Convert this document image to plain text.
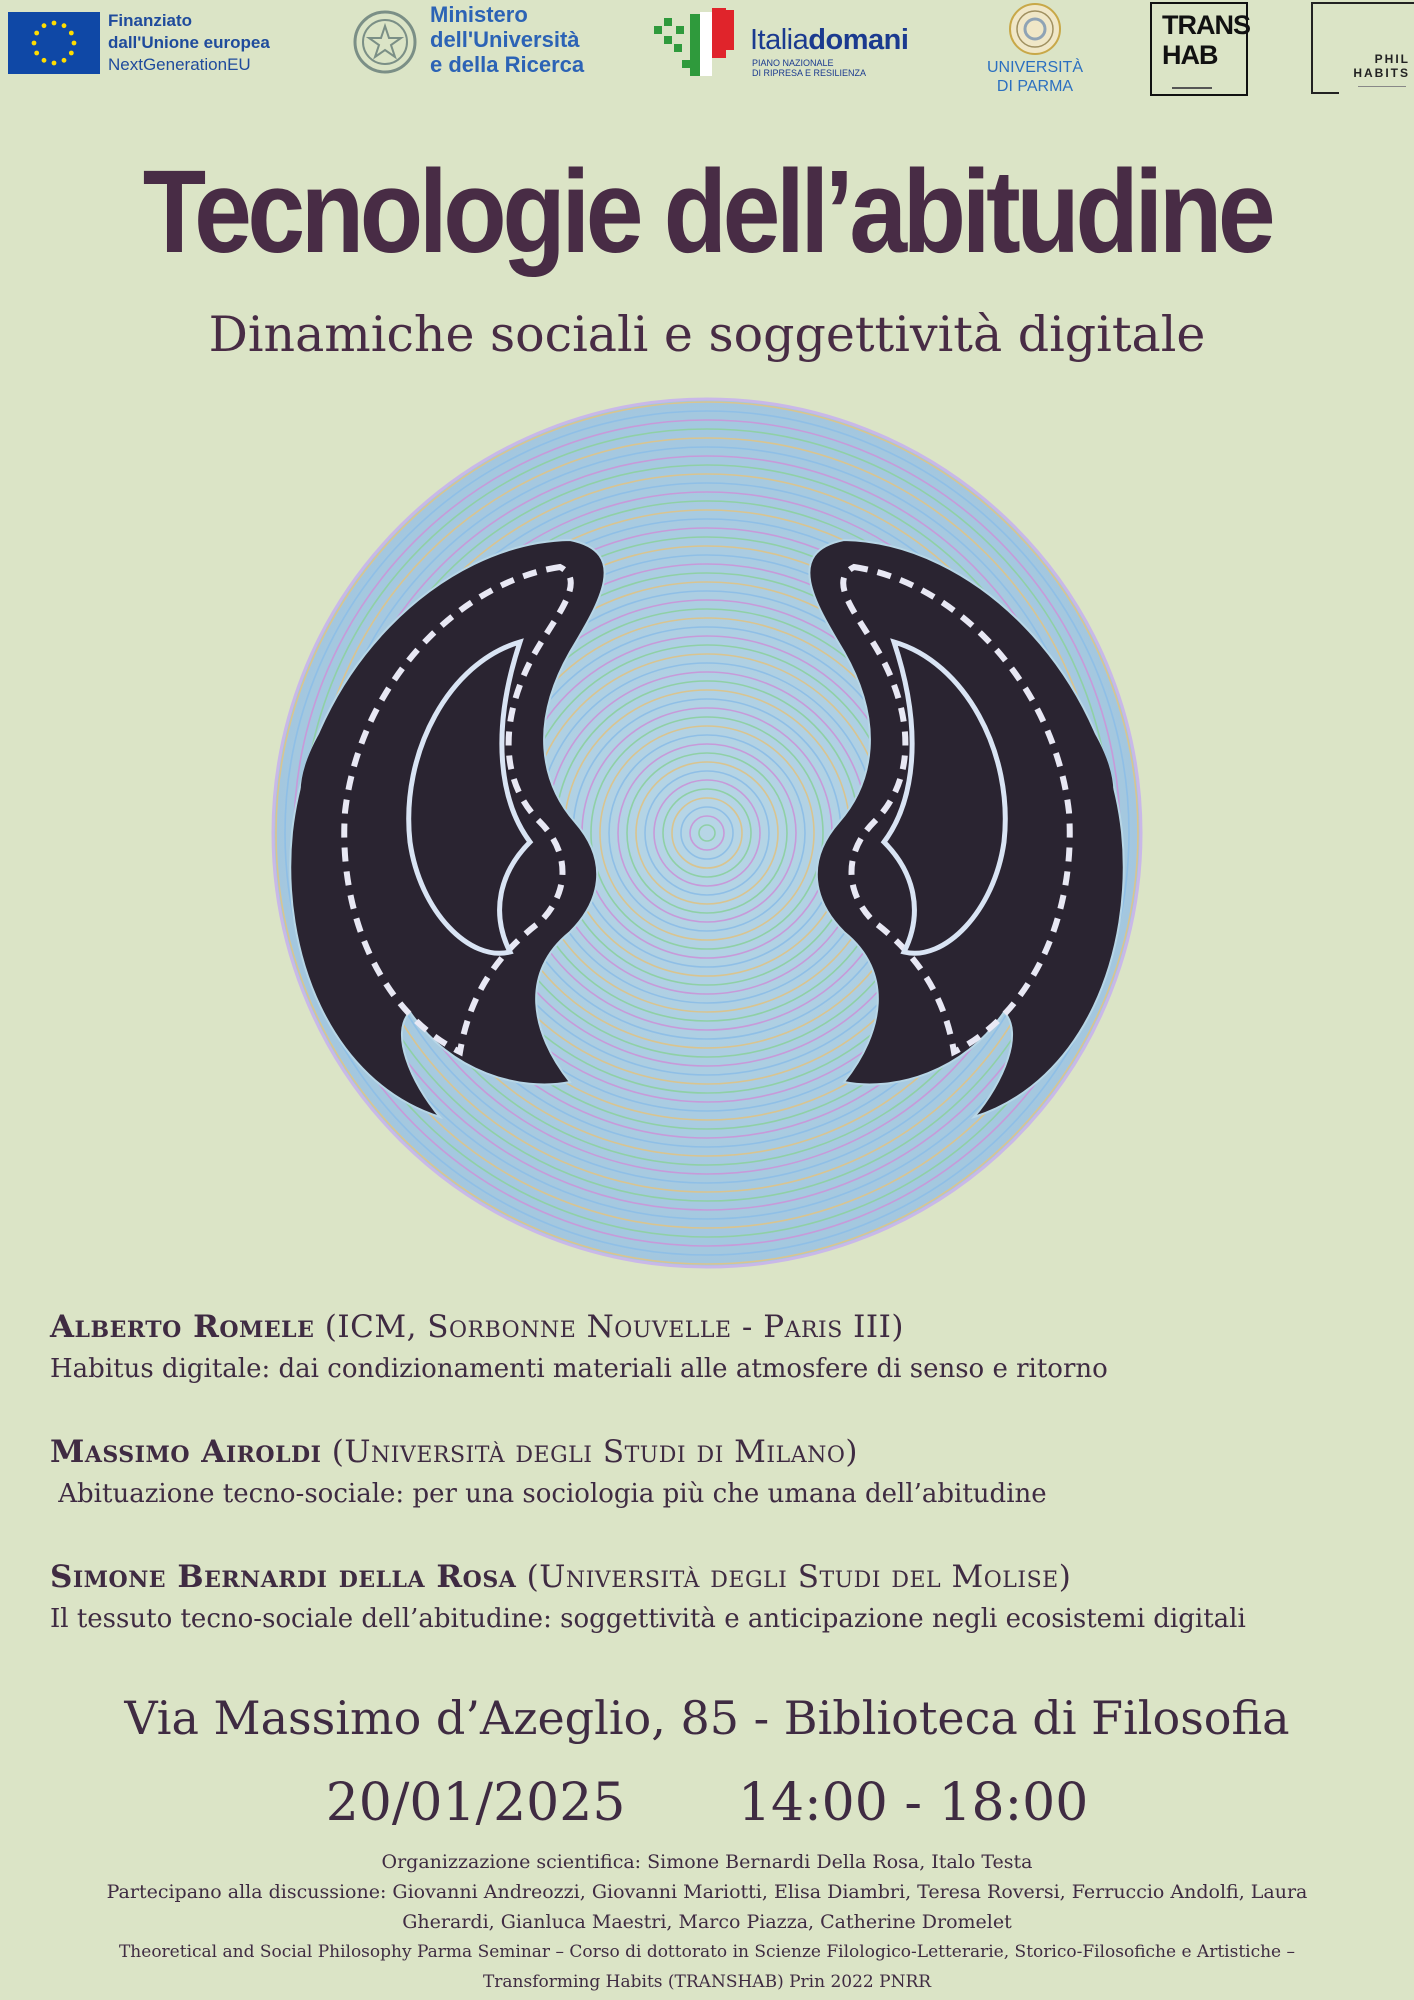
Finanziato
dall'Unione europea
NextGenerationEU
Ministero
dell'Università
e della Ricerca
Italiadomani
PIANO NAZIONALE
DI RIPRESA E RESILIENZA	UNIVERSITÀ
DI PARMA
TRANS
HAB	PHIL
HABITS
Tecnologie dell’abitudine
Dinamiche sociali e soggettività digitale
Alberto Romele (ICM, Sorbonne Nouvelle - Paris III)
Habitus digitale: dai condizionamenti materiali alle atmosfere di senso e ritorno
Massimo Airoldi (Università degli Studi di Milano)
Abituazione tecno-sociale: per una sociologia più che umana dell’abitudine
Simone Bernardi della Rosa (Università degli Studi del Molise)
Il tessuto tecno-sociale dell’abitudine: soggettività e anticipazione negli ecosistemi digitali
Via Massimo d’Azeglio, 85 - Biblioteca di Filosofia
20/01/2025 14:00 - 18:00
Organizzazione scientifica: Simone Bernardi Della Rosa, Italo Testa
Partecipano alla discussione: Giovanni Andreozzi, Giovanni Mariotti, Elisa Diambri, Teresa Roversi, Ferruccio Andolfi, Laura
Gherardi, Gianluca Maestri, Marco Piazza, Catherine Dromelet
Theoretical and Social Philosophy Parma Seminar – Corso di dottorato in Scienze Filologico-Letterarie, Storico-Filosofiche e Artistiche –
Transforming Habits (TRANSHAB) Prin 2022 PNRR
